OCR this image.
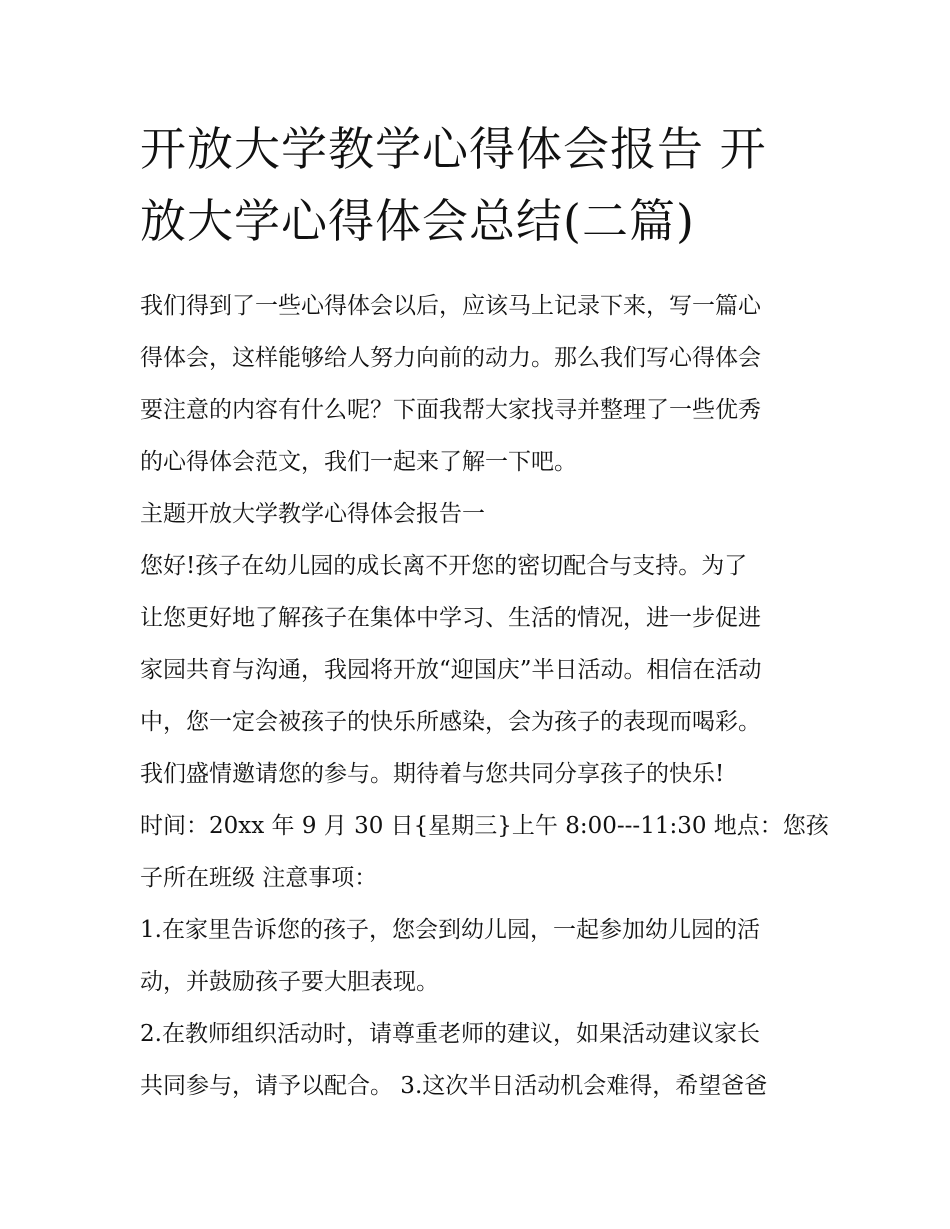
开放大学教学心得体会报告 开
放大学心得体会总结(二篇)
我们得到了一些心得体会以后，应该马上记录下来，写一篇心
得体会，这样能够给人努力向前的动力。那么我们写心得体会
要注意的内容有什么呢？下面我帮大家找寻并整理了一些优秀
的心得体会范文，我们一起来了解一下吧。
主题开放大学教学心得体会报告一
您好!孩子在幼儿园的成长离不开您的密切配合与支持。为了
让您更好地了解孩子在集体中学习、生活的情况，进一步促进
家园共育与沟通，我园将开放“迎国庆”半日活动。相信在活动
中，您一定会被孩子的快乐所感染，会为孩子的表现而喝彩。
我们盛情邀请您的参与。期待着与您共同分享孩子的快乐!
时间：20xx 年 9 月 30 日{星期三}上午 8:00---11:30 地点：您孩
子所在班级 注意事项：
1.在家里告诉您的孩子，您会到幼儿园，一起参加幼儿园的活
动，并鼓励孩子要大胆表现。
2.在教师组织活动时，请尊重老师的建议，如果活动建议家长
共同参与，请予以配合。 3.这次半日活动机会难得，希望爸爸
